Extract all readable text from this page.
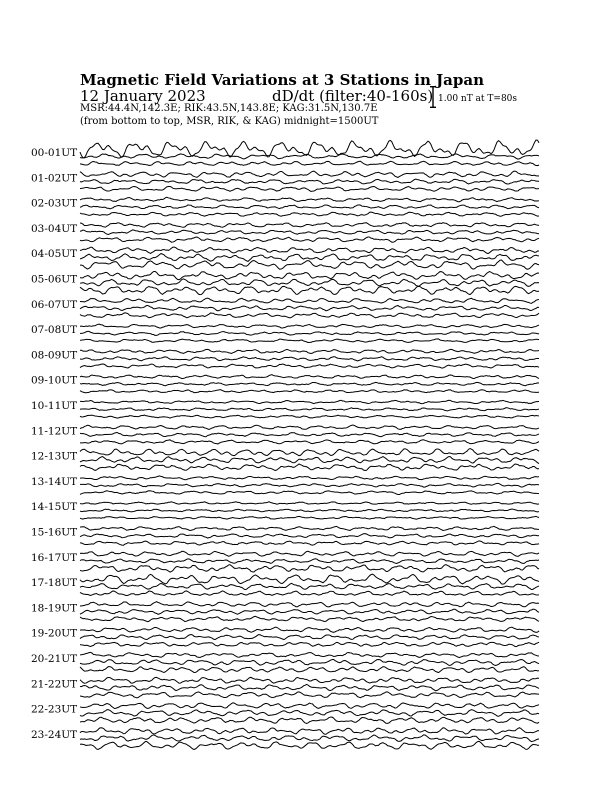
Magnetic Field Variations at 3 Stations in Japan
12 January 2023	dD/dt (filter:40-160s)
MSR:44.4N,142.3E; RIK:43.5N,143.8E; KAG:31.5N,130.7E
(from bottom to top, MSR, RIK, & KAG) midnight=1500UT
1.00 nT at T=80s
00-01UT
01-02UT
02-03UT
03-04UT
04-05UT
05-06UT
06-07UT
07-08UT
08-09UT
09-10UT
10-11UT
11-12UT
12-13UT
13-14UT
14-15UT
15-16UT
16-17UT
17-18UT
18-19UT
19-20UT
20-21UT
21-22UT
22-23UT
23-24UT
